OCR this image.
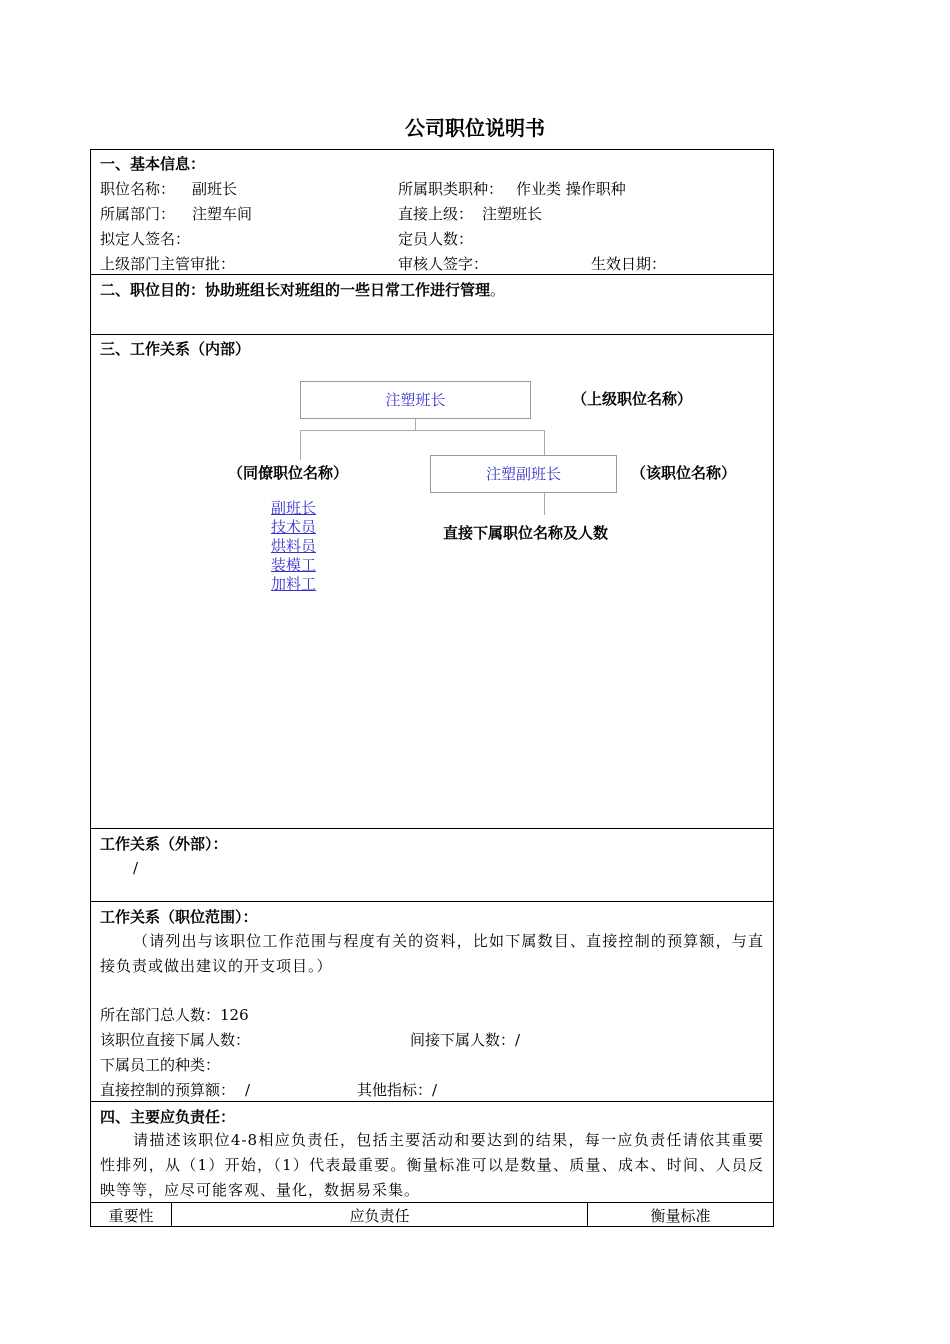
公司职位说明书
一、基本信息：
职位名称： 副班长	所属职类职种： 作业类 操作职种
所属部门： 注塑车间	直接上级： 注塑班长
拟定人签名：	定员人数：
上级部门主管审批：	审核人签字：	生效日期：
二、职位目的：协助班组长对班组的一些日常工作进行管理。
三、工作关系（内部）
注塑班长	（上级职位名称）
（同僚职位名称）	注塑副班长	（该职位名称）
副班长
技术员
烘料员
装模工
加料工
直接下属职位名称及人数
工作关系（外部）：
/
工作关系（职位范围）：
（请列出与该职位工作范围与程度有关的资料，比如下属数目、直接控制的预算额，与直接负责或做出建议的开支项目。）
所在部门总人数：126
该职位直接下属人数：	间接下属人数：/
下属员工的种类：
直接控制的预算额： /	其他指标：/
四、主要应负责任：
请描述该职位4-8相应负责任，包括主要活动和要达到的结果，每一应负责任请依其重要性排列，从（1）开始，（1）代表最重要。衡量标准可以是数量、质量、成本、时间、人员反映等等，应尽可能客观、量化，数据易采集。
重要性	应负责任	衡量标准
